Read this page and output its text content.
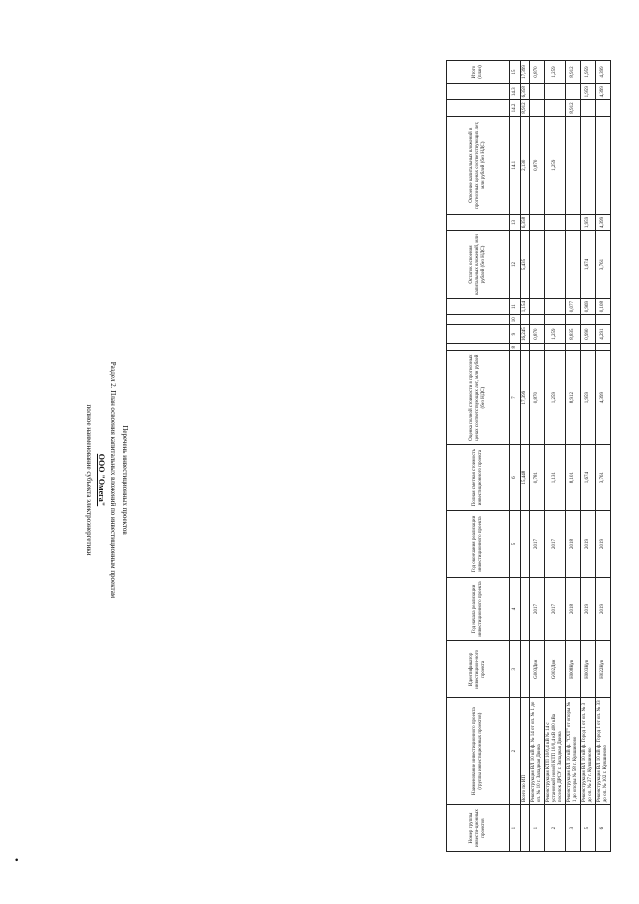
Перечень инвестиционных проектов
Раздел 2. План освоения капитальных вложений по инвестиционным проектам
ООО "Омега"
полное наименование субъекта электроэнергетики
Номер группы инвести-ционных проектов	Наименование инвестиционного проекта (группы инвестиционных проектов)	Идентификатор инвестицион-ного проекта	Год начала реализации инвестиционного проекта	Год окончания реализации инвестиционного проекта	Полная сметная стоимость инвестиционного проекта	Оценка полной стоимости в прогнозных ценах соответствующих лет, млн рублей (без НДС)					Остаток освоения капитальных вложений, млн рублей (без НДС)		Освоение капитальных вложений в прогнозных ценах соответствующих лет, млн рублей (без НДС)			Итого (план)
1	2	3	4	5	6	7	8	9	10	11	12	13	14.1	14.2	14.3	15
	Всего по ИП				15,448	17,399		16,245		1,154	5,435	6,358	2,130	8,912	6,358	17,399
1	Реконструкция ВЛ 10 кВ ф. № 14 от оп. № 1 до оп. № 10 г. Западная Двина	G00ЗДвн	2017	2017	0,781	0,870		0,870					0,870			0,870
2	Реконструкция КТП 10/0,4 кВ № 14 с установкой новой КТП 10/0,4 кВ 400 кВа поселок ДРСУ г. Западная Двина	G002Двн	2017	2017	1,131	1,259		1,259					1,259			1,259
3	Реконструкция ВЛ 10 кВ ф. "СХТ" от опоры № 1 до опоры № 58 г. Кувшиново	H008Кув	2018	2018	8,101	8,912		8,835		0,077				8,912		8,912
5	Реконструкция ВЛ 10 кВ ф. Город 1 от оп. № 3 до оп. № 27 г. Кувшиново	H003Кув	2019	2019	1,674	1,959		0,990		0,969	1,674	1,959			1,959	1,959
6	Реконструкция ВЛ 10 кВ ф. Город 1 от оп. № 33 до оп. № 102 г. Кувшиново	H022Кув	2019	2019	3,761	4,399		4,291		0,108	3,761	4,399			4,399	4,399
●
